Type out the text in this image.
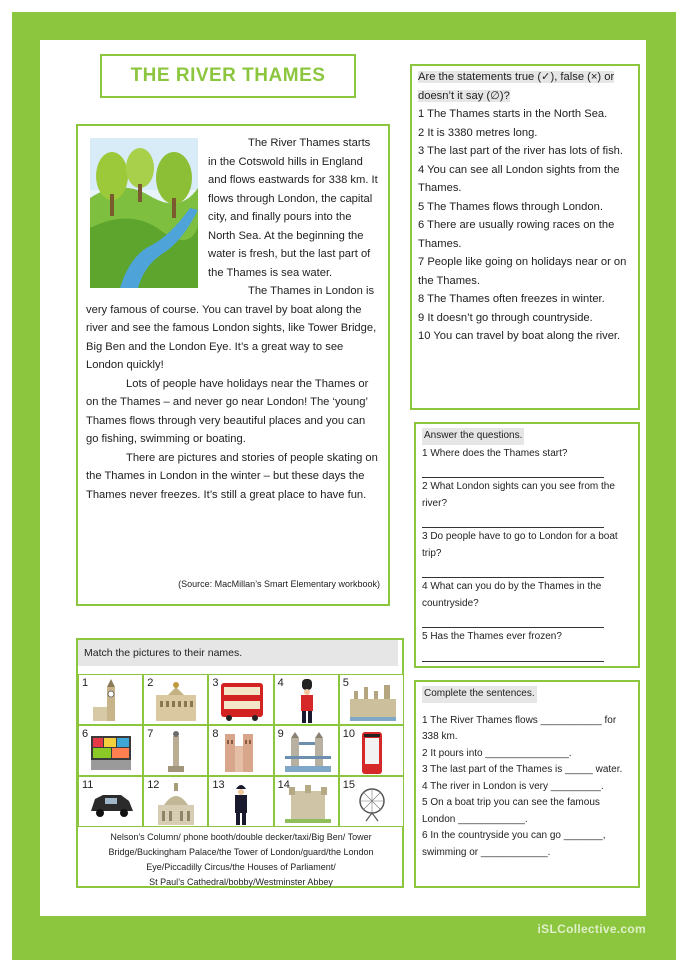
THE RIVER THAMES

The River Thames starts in the Cotswold hills in England and flows eastwards for 338 km. It flows through London, the capital city, and finally pours into the North Sea. At the beginning the water is fresh, but the last part of the Thames is sea water.

The Thames in London is very famous of course. You can travel by boat along the river and see the famous London sights, like Tower Bridge, Big Ben and the London Eye. It’s a great way to see London quickly!

Lots of people have holidays near the Thames or on the Thames – and never go near London! The ‘young’ Thames flows through very beautiful places and you can go fishing, swimming or boating.

There are pictures and stories of people skating on the Thames in London in the winter – but these days the Thames never freezes. It’s still a great place to have fun.

(Source: MacMillan’s Smart Elementary workbook)
Are the statements true (✓), false (×) or doesn’t it say (∅)?

1 The Thames starts in the North Sea.

2 It is 3380 metres long.

3 The last part of the river has lots of fish.

4 You can see all London sights from the Thames.

5 The Thames flows through London.

6 There are usually rowing races on the Thames.

7 People like going on holidays near or on the Thames.

8 The Thames often freezes in winter.

9 It doesn’t go through countryside.

10 You can travel by boat along the river.

Answer the questions.
1 Where does the Thames start?
2 What London sights can you see from the river?
3 Do people have to go to London for a boat trip?
4 What can you do by the Thames in the countryside?
5 Has the Thames ever frozen?
Complete the sentences.
1 The River Thames flows ___________ for 338 km.
2 It pours into _______________.
3 The last part of the Thames is _____ water.
4 The river in London is very _________.
5 On a boat trip you can see the famous London ____________.
6 In the countryside you can go _______, swimming or ____________.
Match the pictures to their names.
1	2	3	4	5
6	7	8	9	10
11	12	13	14	15
Nelson’s Column/ phone booth/double decker/taxi/Big Ben/ Tower
Bridge/Buckingham Palace/the Tower of London/guard/the London
Eye/Piccadilly Circus/the Houses of Parliament/
St Paul’s Cathedral/bobby/Westminster Abbey
iSLCollective.com
